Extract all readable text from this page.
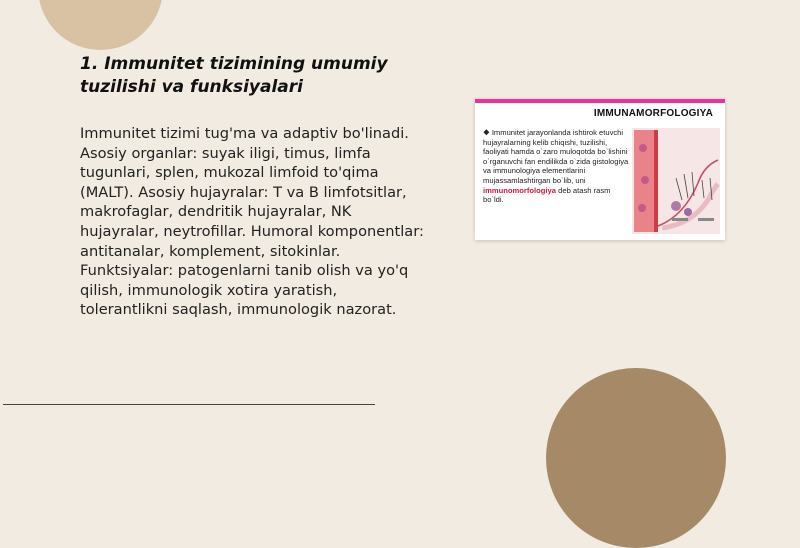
1. Immunitet tizimining umumiy tuzilishi va funksiyalari

Immunitet tizimi tug'ma va adaptiv bo'linadi. Asosiy organlar: suyak iligi, timus, limfa tugunlari, splen, mukozal limfoid to'qima (MALT). Asosiy hujayralar: T va B limfotsitlar, makrofaglar, dendritik hujayralar, NK hujayralar, neytrofillar. Humoral komponentlar: antitanalar, komplement, sitokinlar. Funktsiyalar: patogenlarni tanib olish va yo'q qilish, immunologik xotira yaratish, tolerantlikni saqlash, immunologik nazorat.

IMMUNAMORFOLOGIYA

❖ Immunitet jarayonlanda ishtirok etuvchi hujayralarning kelib chiqishi, tuzilishi, faoliyati hamda o`zaro muloqotda bo`lishini o`rganuvchi fan endilikda o`zida gistologiya va immunologiya elementlarini mujassamlashtirgan bo`lib, uni immunomorfologiya deb atash rasm bo`ldi.
